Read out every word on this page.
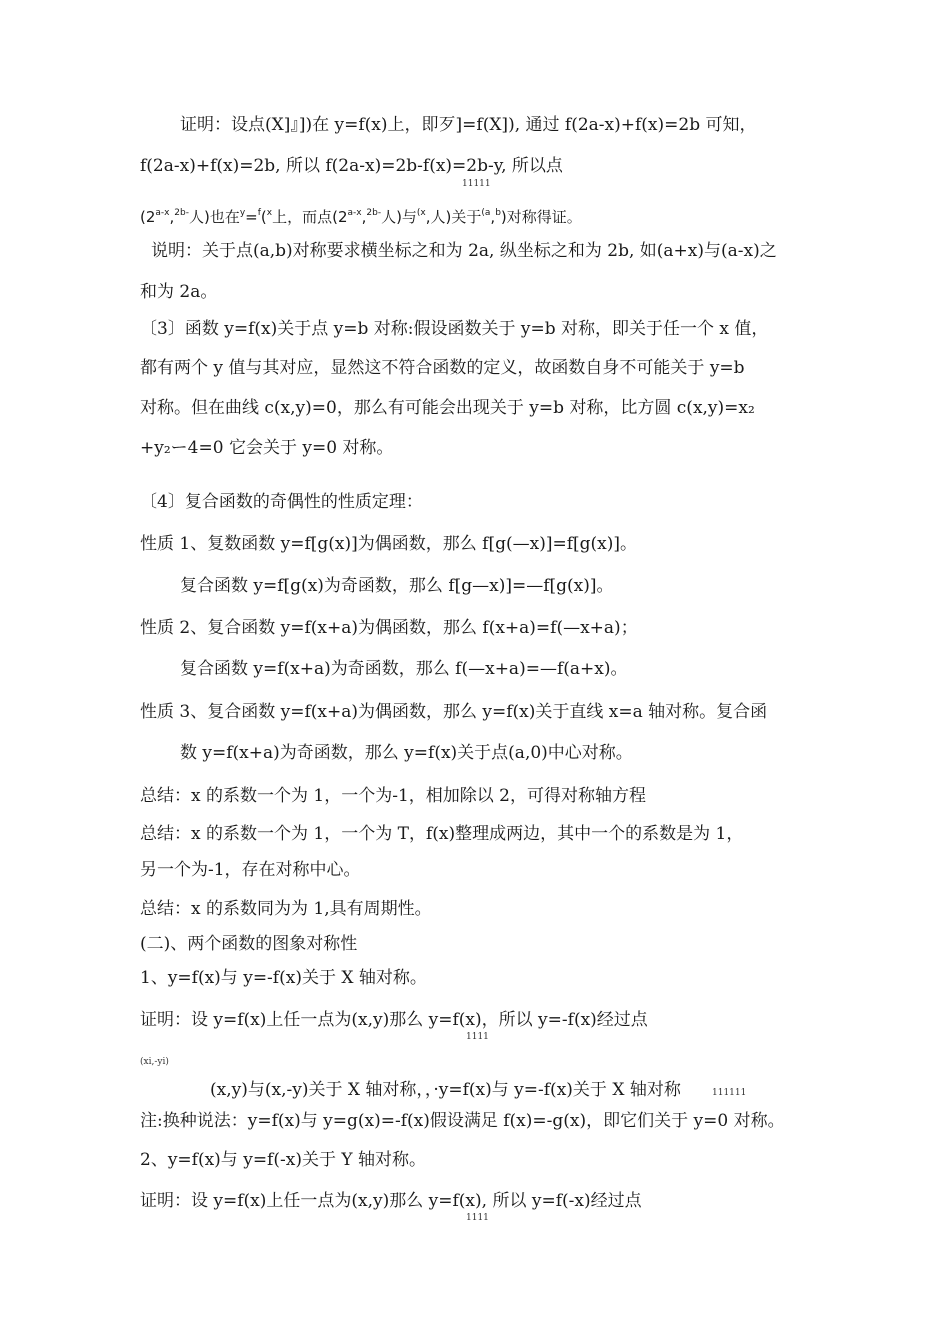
证明：设点(X]』])在 y=f(x)上，即歹]=f(X]), 通过 f(2a-x)+f(x)=2b 可知，
f(2a-x)+f(x)=2b, 所以 f(2a-x)=2b-f(x)=2b-y, 所以点
11111
(2$^{a-x}$,$^{2b-}$人)也在$^y$=$^f$($^x$上，而点(2$^{a-x}$,$^{2b-}$人)与$^{(x}$,人)关于$^{(a}$,$^b$)对称得证。
说明：关于点(a,b)对称要求横坐标之和为 2a, 纵坐标之和为 2b, 如(a+x)与(a-x)之
和为 2a。
〔3〕函数 y=f(x)关于点 y=b 对称:假设函数关于 y=b 对称，即关于任一个 x 值，
都有两个 y 值与其对应，显然这不符合函数的定义，故函数自身不可能关于 y=b
对称。但在曲线 c(x,y)=0，那么有可能会出现关于 y=b 对称，比方圆 c(x,y)=x₂
+y₂ー4=0 它会关于 y=0 对称。
〔4〕复合函数的奇偶性的性质定理：
性质 1、复数函数 y=f[g(x)]为偶函数，那么 f[g(—x)]=f[g(x)]。
复合函数 y=f[g(x)为奇函数，那么 f[g—x)]=—f[g(x)]。
性质 2、复合函数 y=f(x+a)为偶函数，那么 f(x+a)=f(—x+a)；
复合函数 y=f(x+a)为奇函数，那么 f(—x+a)=—f(a+x)。
性质 3、复合函数 y=f(x+a)为偶函数，那么 y=f(x)关于直线 x=a 轴对称。复合函
数 y=f(x+a)为奇函数，那么 y=f(x)关于点(a,0)中心对称。
总结：x 的系数一个为 1，一个为-1，相加除以 2，可得对称轴方程
总结：x 的系数一个为 1，一个为 T，f(x)整理成两边，其中一个的系数是为 1，
另一个为-1，存在对称中心。
总结：x 的系数同为为 1,具有周期性。
(二)、两个函数的图象对称性
1、y=f(x)与 y=-f(x)关于 X 轴对称。
证明：设 y=f(x)上任一点为(x,y)那么 y=f(x)，所以 y=-f(x)经过点
1111
(xi,-yi)
(x,y)与(x,-y)关于 X 轴对称，，·y=f(x)与 y=-f(x)关于 X 轴对称	111111
注:换种说法：y=f(x)与 y=g(x)=-f(x)假设满足 f(x)=-g(x)，即它们关于 y=0 对称。
2、y=f(x)与 y=f(-x)关于 Y 轴对称。
证明：设 y=f(x)上任一点为(x,y)那么 y=f(x), 所以 y=f(-x)经过点
1111
